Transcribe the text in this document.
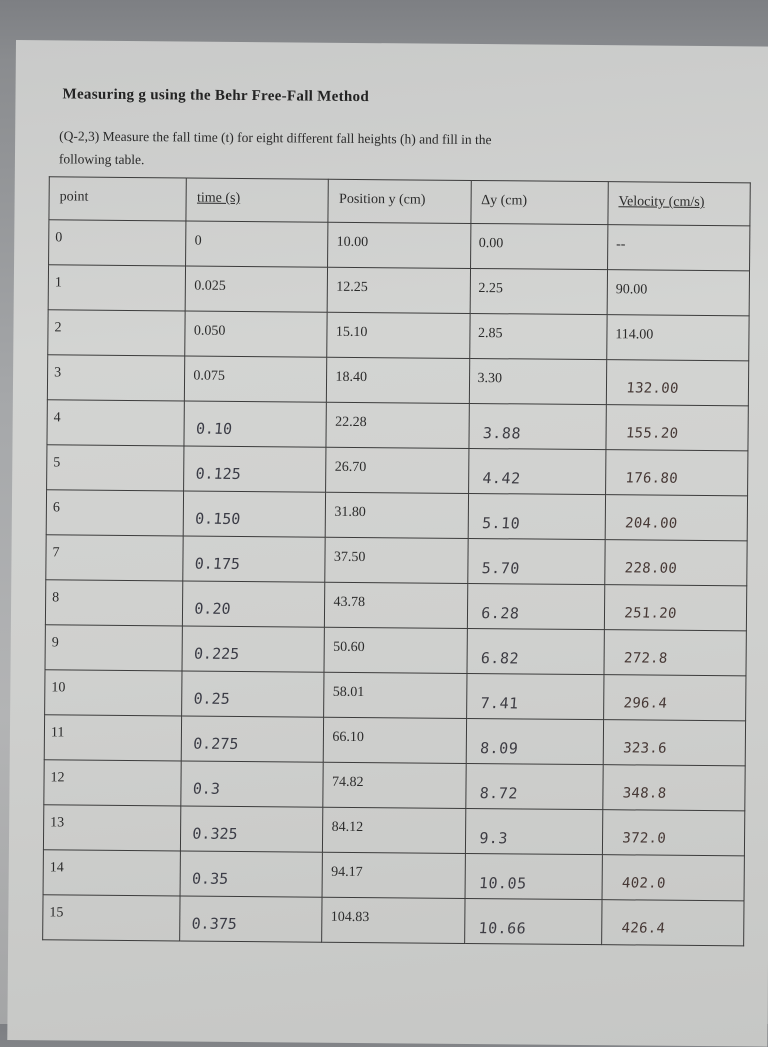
Measuring g using the Behr Free-Fall Method
(Q-2,3) Measure the fall time (t) for eight different fall heights (h) and fill in the
following table.
point	time (s)	Position y (cm)	Δy (cm)	Velocity (cm/s)

0	0	10.00	0.00	--

1	0.025	12.25	2.25	90.00

2	0.050	15.10	2.85	114.00

3	0.075	18.40	3.30	132.00

4	0.10	22.28	3.88	155.20

5	0.125	26.70	4.42	176.80

6	0.150	31.80	5.10	204.00

7	0.175	37.50	5.70	228.00

8	0.20	43.78	6.28	251.20

9	0.225	50.60	6.82	272.8

10	0.25	58.01	7.41	296.4

11	0.275	66.10	8.09	323.6

12	0.3	74.82	8.72	348.8

13	0.325	84.12	9.3	372.0

14	0.35	94.17	10.05	402.0

15	0.375	104.83	10.66	426.4
